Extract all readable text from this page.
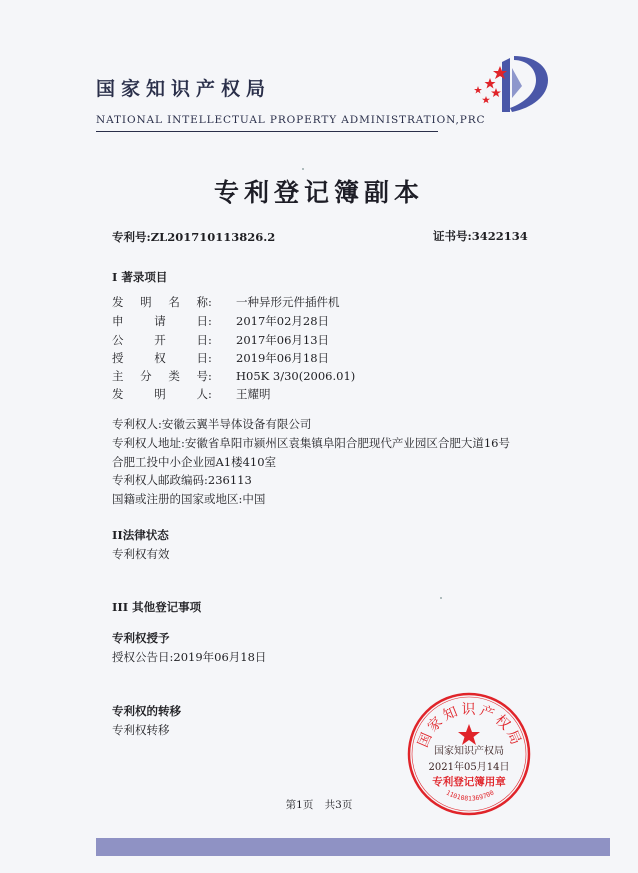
国家知识产权局
NATIONAL INTELLECTUAL PROPERTY ADMINISTRATION,PRC
专利登记簿副本
专利号:ZL201710113826.2	证书号:3422134
I 著录项目
发明名称: 一种异形元件插件机
申请日: 2017年02月28日
公开日: 2017年06月13日
授权日: 2019年06月18日
主分类号: H05K 3/30(2006.01)
发明人: 王耀明
专利权人:安徽云翼半导体设备有限公司
专利权人地址:安徽省阜阳市颍州区袁集镇阜阳合肥现代产业园区合肥大道16号
合肥工投中小企业园A1楼410室
专利权人邮政编码:236113
国籍或注册的国家或地区:中国
II法律状态
专利权有效
III 其他登记事项
专利权授予
授权公告日:2019年06月18日
专利权的转移
专利权转移	国家知识产权局
国家知识产权局
2021年05月14日
专利登记簿用章
1101081369700
第1页 共3页
